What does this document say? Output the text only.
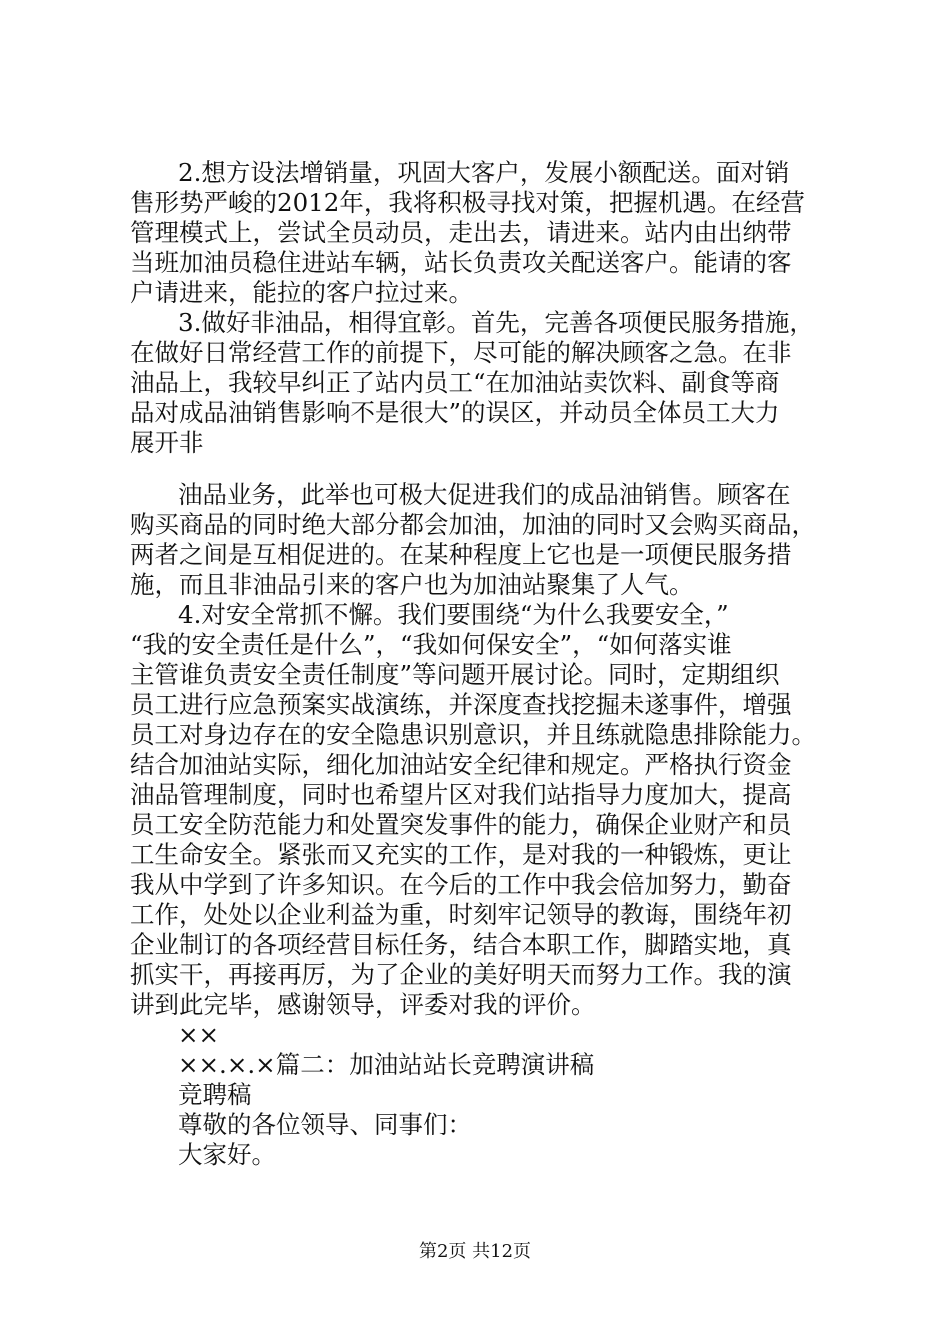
2.想方设法增销量，巩固大客户，发展小额配送。面对销
售形势严峻的2012年，我将积极寻找对策，把握机遇。在经营
管理模式上，尝试全员动员，走出去，请进来。站内由出纳带
当班加油员稳住进站车辆，站长负责攻关配送客户。能请的客
户请进来，能拉的客户拉过来。
3.做好非油品，相得宜彰。首先，完善各项便民服务措施，
在做好日常经营工作的前提下，尽可能的解决顾客之急。在非
油品上，我较早纠正了站内员工“在加油站卖饮料、副食等商
品对成品油销售影响不是很大”的误区，并动员全体员工大力
展开非
油品业务，此举也可极大促进我们的成品油销售。顾客在
购买商品的同时绝大部分都会加油，加油的同时又会购买商品，
两者之间是互相促进的。在某种程度上它也是一项便民服务措
施，而且非油品引来的客户也为加油站聚集了人气。
4.对安全常抓不懈。我们要围绕“为什么我要安全，”
“我的安全责任是什么”，“我如何保安全”，“如何落实谁
主管谁负责安全责任制度”等问题开展讨论。同时，定期组织
员工进行应急预案实战演练，并深度查找挖掘未遂事件，增强
员工对身边存在的安全隐患识别意识，并且练就隐患排除能力。
结合加油站实际，细化加油站安全纪律和规定。严格执行资金
油品管理制度，同时也希望片区对我们站指导力度加大，提高
员工安全防范能力和处置突发事件的能力，确保企业财产和员
工生命安全。紧张而又充实的工作，是对我的一种锻炼，更让
我从中学到了许多知识。在今后的工作中我会倍加努力，勤奋
工作，处处以企业利益为重，时刻牢记领导的教诲，围绕年初
企业制订的各项经营目标任务，结合本职工作，脚踏实地，真
抓实干，再接再厉，为了企业的美好明天而努力工作。我的演
讲到此完毕，感谢领导，评委对我的评价。
××
××.×.×篇二：加油站站长竞聘演讲稿
竞聘稿
尊敬的各位领导、同事们：
大家好。
第2页 共12页
